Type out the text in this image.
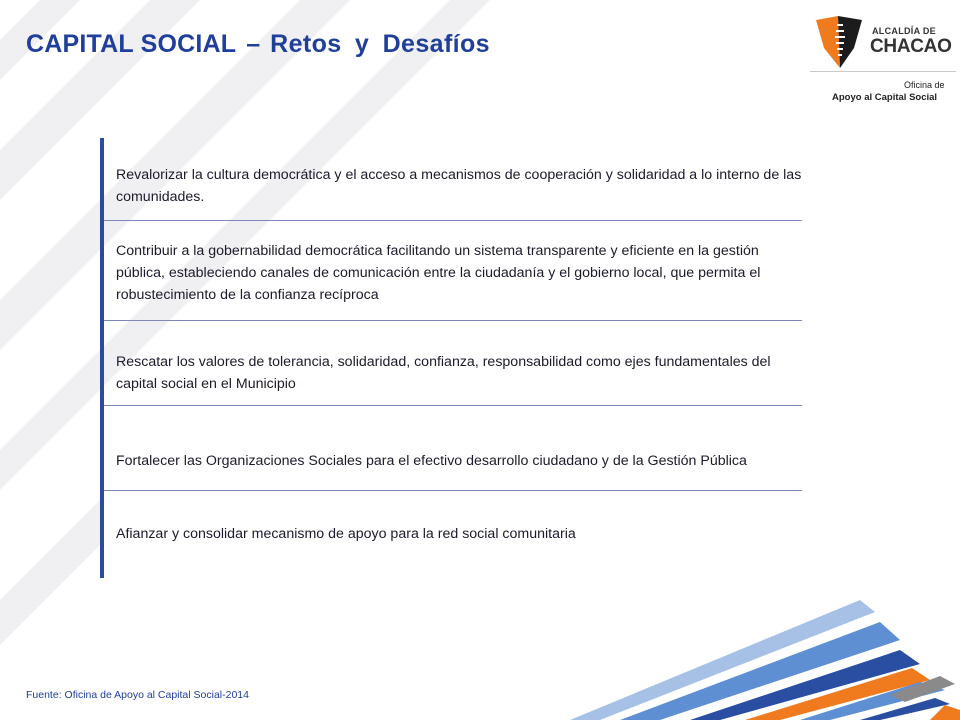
CAPITAL SOCIAL – Retos y Desafíos	ALCALDÍA DE
CHACAO
Oficina de
Apoyo al Capital Social
Revalorizar la cultura democrática y el acceso a mecanismos de cooperación y solidaridad a lo interno de las comunidades.
Contribuir a la gobernabilidad democrática facilitando un sistema transparente y eficiente en la gestión pública, estableciendo canales de comunicación entre la ciudadanía y el gobierno local, que permita el robustecimiento de la confianza recíproca
Rescatar los valores de tolerancia, solidaridad, confianza, responsabilidad como ejes fundamentales del capital social en el Municipio
Fortalecer las Organizaciones Sociales para el efectivo desarrollo ciudadano y de la Gestión Pública
Afianzar y consolidar mecanismo de apoyo para la red social comunitaria
Fuente: Oficina de Apoyo al Capital Social-2014
